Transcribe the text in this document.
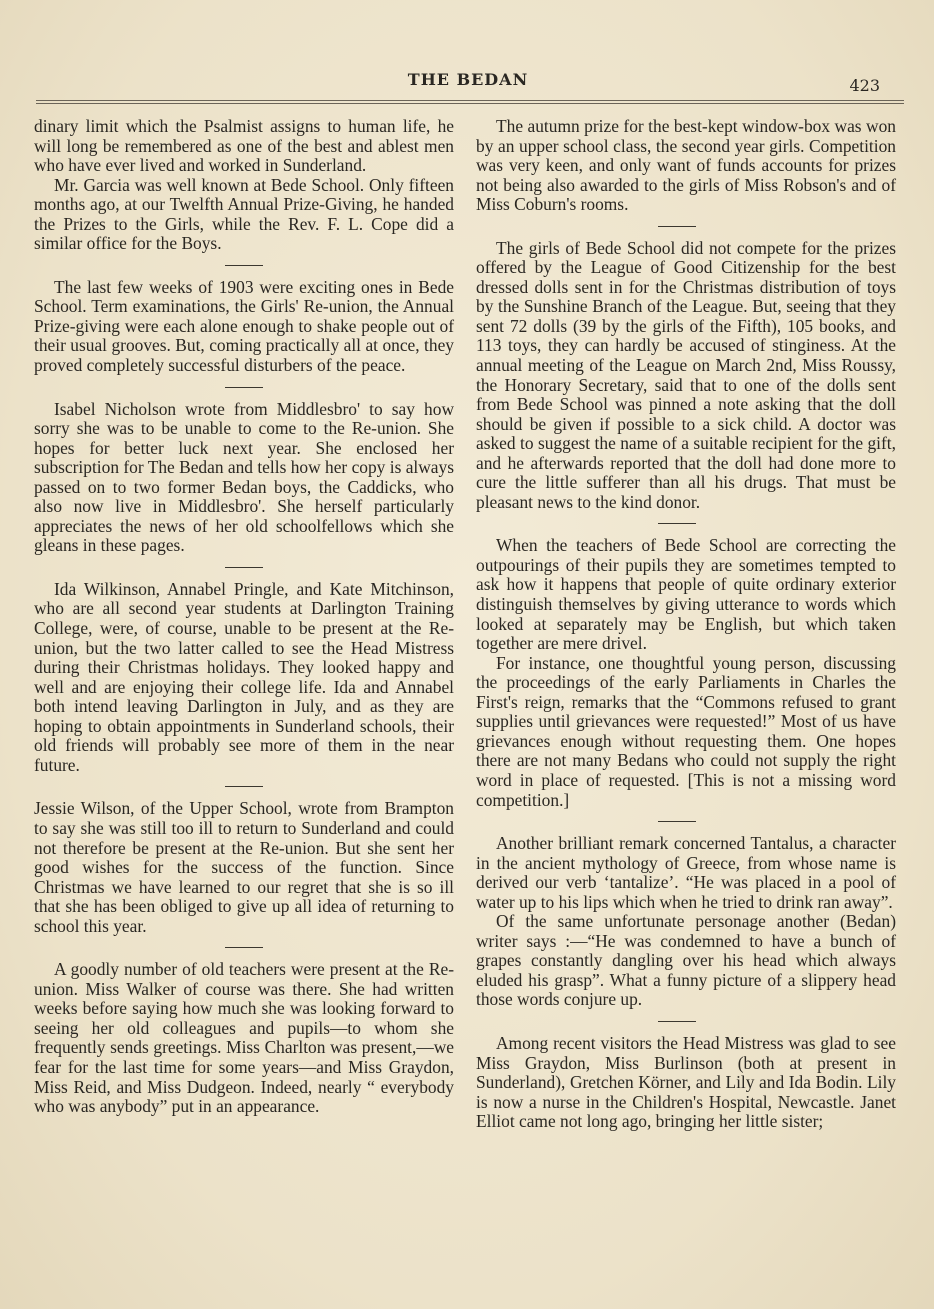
THE BEDAN	423

dinary limit which the Psalmist assigns to human life, he will long be remembered as one of the best and ablest men who have ever lived and worked in Sunderland.

Mr. Garcia was well known at Bede School. Only fifteen months ago, at our Twelfth Annual Prize-Giving, he handed the Prizes to the Girls, while the Rev. F. L. Cope did a similar office for the Boys.

The last few weeks of 1903 were exciting ones in Bede School. Term examinations, the Girls' Re-union, the Annual Prize-giving were each alone enough to shake people out of their usual grooves. But, coming practically all at once, they proved completely successful disturbers of the peace.

Isabel Nicholson wrote from Middlesbro' to say how sorry she was to be unable to come to the Re-union. She hopes for better luck next year. She enclosed her subscription for The Bedan and tells how her copy is always passed on to two former Bedan boys, the Caddicks, who also now live in Middlesbro'. She herself particularly appreciates the news of her old schoolfellows which she gleans in these pages.

Ida Wilkinson, Annabel Pringle, and Kate Mitchinson, who are all second year students at Darlington Training College, were, of course, unable to be present at the Re-union, but the two latter called to see the Head Mistress during their Christmas holidays. They looked happy and well and are enjoying their college life. Ida and Annabel both intend leaving Darlington in July, and as they are hoping to obtain appointments in Sunderland schools, their old friends will probably see more of them in the near future.

Jessie Wilson, of the Upper School, wrote from Brampton to say she was still too ill to return to Sunderland and could not therefore be present at the Re-union. But she sent her good wishes for the success of the function. Since Christmas we have learned to our regret that she is so ill that she has been obliged to give up all idea of returning to school this year.

A goodly number of old teachers were present at the Re-union. Miss Walker of course was there. She had written weeks before saying how much she was looking forward to seeing her old colleagues and pupils—to whom she frequently sends greetings. Miss Charlton was present,—we fear for the last time for some years—and Miss Graydon, Miss Reid, and Miss Dudgeon. Indeed, nearly “ everybody who was anybody” put in an appearance.

The autumn prize for the best-kept window-box was won by an upper school class, the second year girls. Competition was very keen, and only want of funds accounts for prizes not being also awarded to the girls of Miss Robson's and of Miss Coburn's rooms.

The girls of Bede School did not compete for the prizes offered by the League of Good Citizenship for the best dressed dolls sent in for the Christmas distribution of toys by the Sunshine Branch of the League. But, seeing that they sent 72 dolls (39 by the girls of the Fifth), 105 books, and 113 toys, they can hardly be accused of stinginess. At the annual meeting of the League on March 2nd, Miss Roussy, the Honorary Secretary, said that to one of the dolls sent from Bede School was pinned a note asking that the doll should be given if possible to a sick child. A doctor was asked to suggest the name of a suitable recipient for the gift, and he afterwards reported that the doll had done more to cure the little sufferer than all his drugs. That must be pleasant news to the kind donor.

When the teachers of Bede School are correcting the outpourings of their pupils they are sometimes tempted to ask how it happens that people of quite ordinary exterior distinguish themselves by giving utterance to words which looked at separately may be English, but which taken together are mere drivel.

For instance, one thoughtful young person, discussing the proceedings of the early Parliaments in Charles the First's reign, remarks that the “Commons refused to grant supplies until grievances were requested!” Most of us have grievances enough without requesting them. One hopes there are not many Bedans who could not supply the right word in place of requested. [This is not a missing word competition.]

Another brilliant remark concerned Tantalus, a character in the ancient mythology of Greece, from whose name is derived our verb ‘tantalize’. “He was placed in a pool of water up to his lips which when he tried to drink ran away”.

Of the same unfortunate personage another (Bedan) writer says :—“He was condemned to have a bunch of grapes constantly dangling over his head which always eluded his grasp”. What a funny picture of a slippery head those words conjure up.

Among recent visitors the Head Mistress was glad to see Miss Graydon, Miss Burlinson (both at present in Sunderland), Gretchen Körner, and Lily and Ida Bodin. Lily is now a nurse in the Children's Hospital, Newcastle. Janet Elliot came not long ago, bringing her little sister;
